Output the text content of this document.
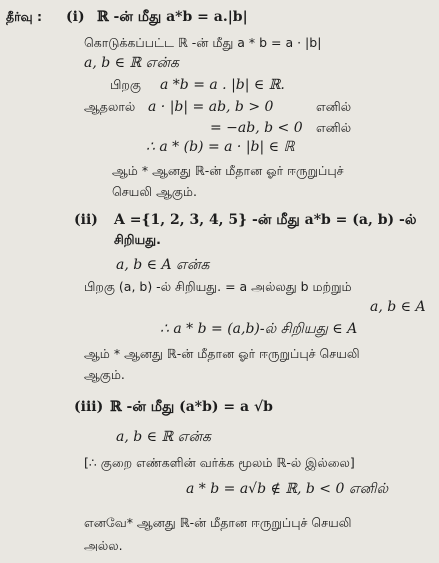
தீர்வு : (i) ℝ -ன் மீது a*b = a.|b|
கொடுக்கப்பட்ட ℝ -ன் மீது a * b = a · |b|
a, b ∈ ℝ என்க
பிறகு a *b = a . |b| ∈ ℝ.
ஆதலால் a · |b| = ab, b > 0	எனில்
= −ab, b < 0 எனில்
∴ a * (b) = a · |b| ∈ ℝ
ஆம் * ஆனது ℝ-ன் மீதான ஓர் ஈருறுப்புச்
செயலி ஆகும்.
(ii) A ={1, 2, 3, 4, 5} -ன் மீது a*b = (a, b) -ல்
சிறியது.
a, b ∈ A என்க
பிறகு (a, b) -ல் சிறியது. = a அல்லது b மற்றும்
a, b ∈ A
∴ a * b = (a,b)-ல் சிறியது ∈ A
ஆம் * ஆனது ℝ-ன் மீதான ஓர் ஈருறுப்புச் செயலி
ஆகும்.
(iii) ℝ -ன் மீது (a*b) = a √b
a, b ∈ ℝ என்க
[∴ குறை எண்களின் வர்க்க மூலம் ℝ-ல் இல்லை]
a * b = a√b ∉ ℝ, b < 0 எனில்
எனவே* ஆனது ℝ-ன் மீதான ஈருறுப்புச் செயலி
அல்ல.
